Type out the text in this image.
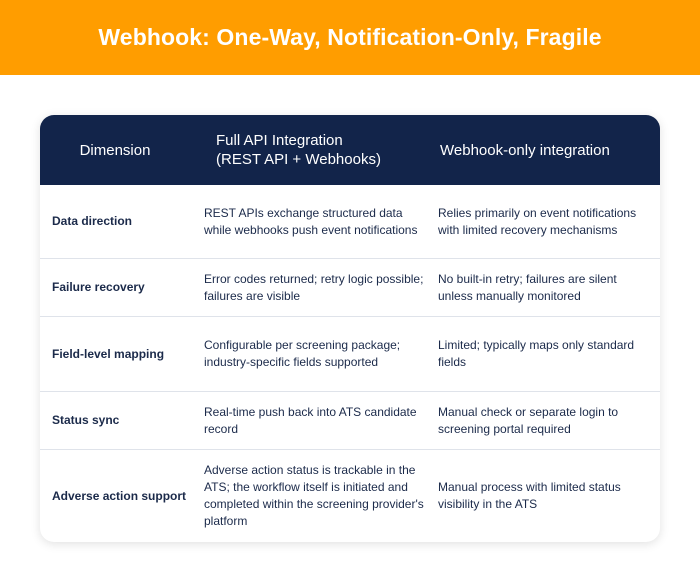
Webhook: One-Way, Notification-Only, Fragile
Dimension
Full API Integration
(REST API + Webhooks)
Webhook-only integration
Data direction
REST APIs exchange structured data while webhooks push event notifications
Relies primarily on event notifications with limited recovery mechanisms
Failure recovery
Error codes returned; retry logic possible; failures are visible
No built-in retry; failures are silent unless manually monitored
Field-level mapping
Configurable per screening package; industry-specific fields supported
Limited; typically maps only standard fields
Status sync
Real-time push back into ATS candidate record
Manual check or separate login to screening portal required
Adverse action support
Adverse action status is trackable in the ATS; the workflow itself is initiated and completed within the screening provider's platform
Manual process with limited status visibility in the ATS
